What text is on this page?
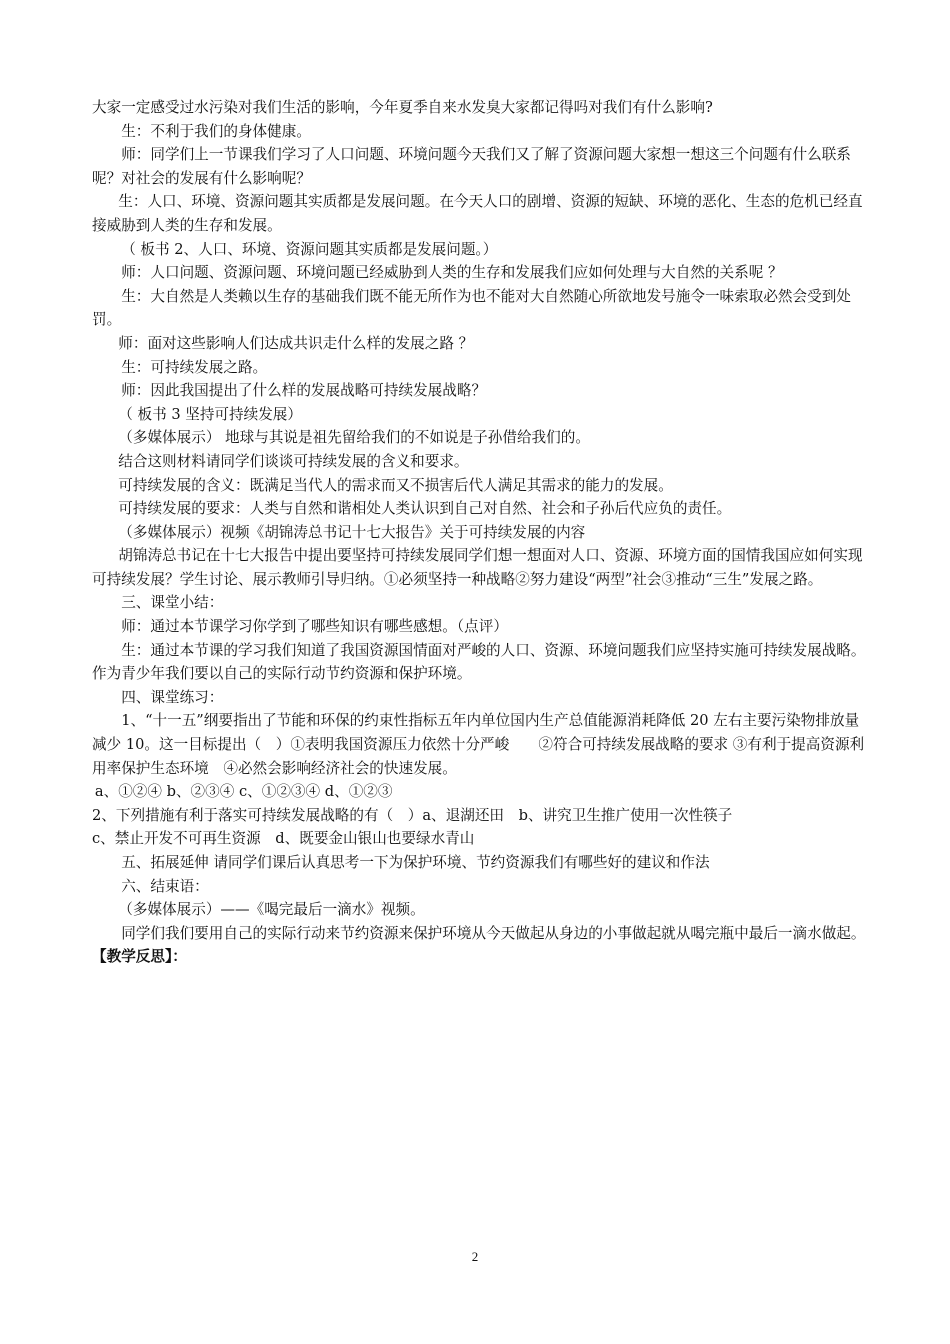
大家一定感受过水污染对我们生活的影响，今年夏季自来水发臭大家都记得吗对我们有什么影响?

生：不利于我们的身体健康。

师：同学们上一节课我们学习了人口问题、环境问题今天我们又了解了资源问题大家想一想这三个问题有什么联系呢？对社会的发展有什么影响呢？

生：人口、环境、资源问题其实质都是发展问题。在今天人口的剧增、资源的短缺、环境的恶化、生态的危机已经直接威胁到人类的生存和发展。

（ 板书 2、人口、环境、资源问题其实质都是发展问题。）

师：人口问题、资源问题、环境问题已经威胁到人类的生存和发展我们应如何处理与大自然的关系呢 ？

生：大自然是人类赖以生存的基础我们既不能无所作为也不能对大自然随心所欲地发号施令一味索取必然会受到处罚。

师：面对这些影响人们达成共识走什么样的发展之路 ？

生：可持续发展之路。

师：因此我国提出了什么样的发展战略可持续发展战略？

（ 板书 3 坚持可持续发展）

（多媒体展示） 地球与其说是祖先留给我们的不如说是子孙借给我们的。

结合这则材料请同学们谈谈可持续发展的含义和要求。

可持续发展的含义：既满足当代人的需求而又不损害后代人满足其需求的能力的发展。

可持续发展的要求：人类与自然和谐相处人类认识到自己对自然、社会和子孙后代应负的责任。

（多媒体展示）视频《胡锦涛总书记十七大报告》关于可持续发展的内容

胡锦涛总书记在十七大报告中提出要坚持可持续发展同学们想一想面对人口、资源、环境方面的国情我国应如何实现可持续发展？学生讨论、展示教师引导归纳。①必须坚持一种战略②努力建设“两型”社会③推动“三生”发展之路。

三、课堂小结：

师：通过本节课学习你学到了哪些知识有哪些感想。（点评）

生：通过本节课的学习我们知道了我国资源国情面对严峻的人口、资源、环境问题我们应坚持实施可持续发展战略。作为青少年我们要以自己的实际行动节约资源和保护环境。

四、课堂练习：

1、“十一五”纲要指出了节能和环保的约束性指标五年内单位国内生产总值能源消耗降低 20 左右主要污染物排放量减少 10。这一目标提出（　）①表明我国资源压力依然十分严峻　　②符合可持续发展战略的要求 ③有利于提高资源利用率保护生态环境　④必然会影响经济社会的快速发展。

a、①②④ b、②③④ c、①②③④ d、①②③

2、下列措施有利于落实可持续发展战略的有（　）a、退湖还田　b、讲究卫生推广使用一次性筷子

c、禁止开发不可再生资源　d、既要金山银山也要绿水青山

五、拓展延伸 请同学们课后认真思考一下为保护环境、节约资源我们有哪些好的建议和作法

六、结束语：

（多媒体展示）——《喝完最后一滴水》视频。

同学们我们要用自己的实际行动来节约资源来保护环境从今天做起从身边的小事做起就从喝完瓶中最后一滴水做起。

【教学反思】：

2
